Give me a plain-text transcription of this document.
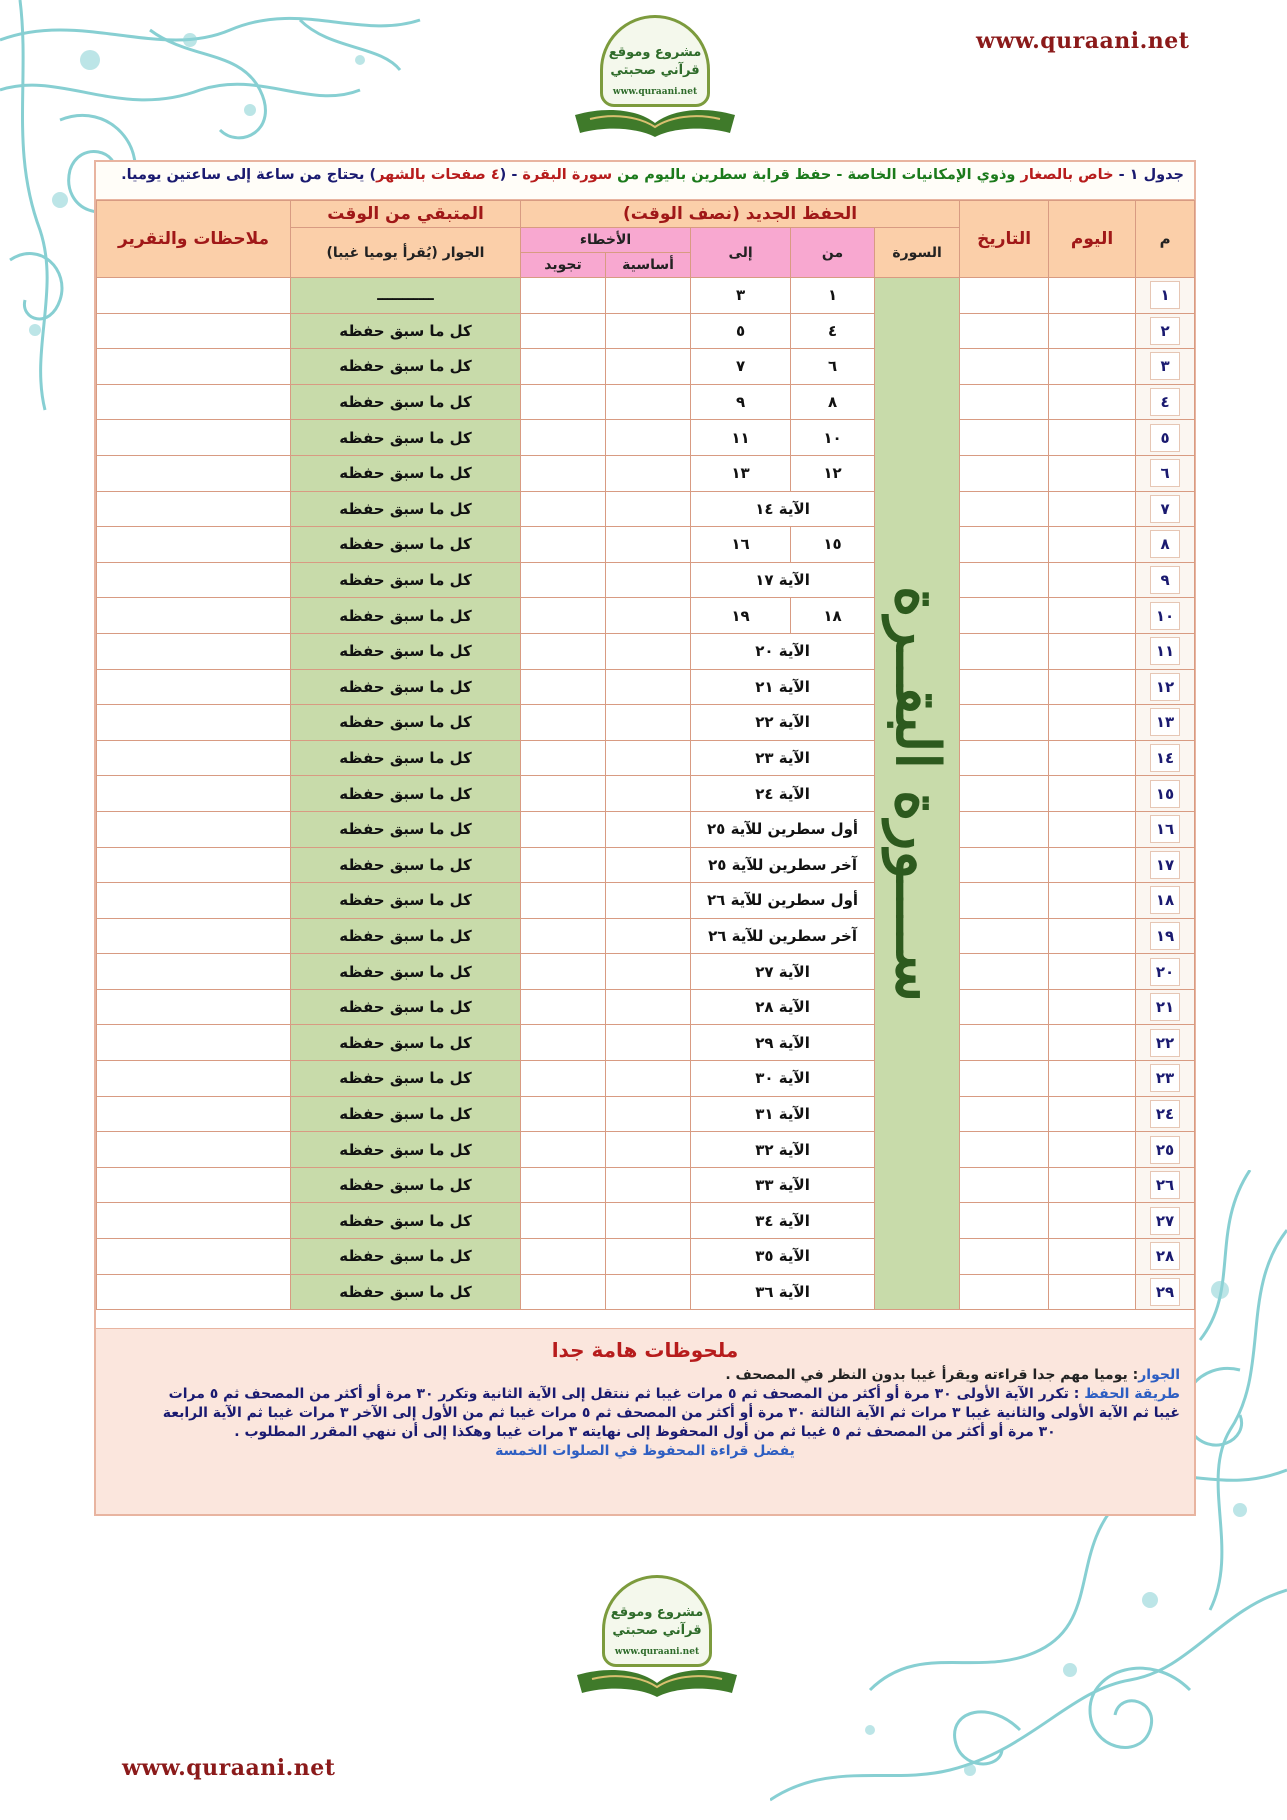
www.quraani.net
www.quraani.net
مشروع وموقع
قرآني صحبتي
www.quraani.net
مشروع وموقع
قرآني صحبتي
www.quraani.net
جدول ١ - خاص بالصغار وذوي الإمكانيات الخاصة - حفظ قرابة سطرين باليوم من سورة البقرة - (٤ صفحات بالشهر) يحتاج من ساعة إلى ساعتين يوميا.
م	اليوم	التاريخ	الحفظ الجديد (نصف الوقت)					المتبقي من الوقت	ملاحظات والتقرير
			السورة	من	إلى	الأخطاء		الجوار (يُقرأ يوميا غيبا)	
						أساسية	تجويد		
١			ســــورة البقــرة	١	٣			ـــــــــــ	
٢				٤	٥			كل ما سبق حفظه	
٣				٦	٧			كل ما سبق حفظه	
٤				٨	٩			كل ما سبق حفظه	
٥				١٠	١١			كل ما سبق حفظه	
٦				١٢	١٣			كل ما سبق حفظه	
٧				الآية ١٤				كل ما سبق حفظه	
٨				١٥	١٦			كل ما سبق حفظه	
٩				الآية ١٧				كل ما سبق حفظه	
١٠				١٨	١٩			كل ما سبق حفظه	
١١				الآية ٢٠				كل ما سبق حفظه	
١٢				الآية ٢١				كل ما سبق حفظه	
١٣				الآية ٢٢				كل ما سبق حفظه	
١٤				الآية ٢٣				كل ما سبق حفظه	
١٥				الآية ٢٤				كل ما سبق حفظه	
١٦				أول سطرين للآية ٢٥				كل ما سبق حفظه	
١٧				آخر سطرين للآية ٢٥				كل ما سبق حفظه	
١٨				أول سطرين للآية ٢٦				كل ما سبق حفظه	
١٩				آخر سطرين للآية ٢٦				كل ما سبق حفظه	
٢٠				الآية ٢٧				كل ما سبق حفظه	
٢١				الآية ٢٨				كل ما سبق حفظه	
٢٢				الآية ٢٩				كل ما سبق حفظه	
٢٣				الآية ٣٠				كل ما سبق حفظه	
٢٤				الآية ٣١				كل ما سبق حفظه	
٢٥				الآية ٣٢				كل ما سبق حفظه	
٢٦				الآية ٣٣				كل ما سبق حفظه	
٢٧				الآية ٣٤				كل ما سبق حفظه	
٢٨				الآية ٣٥				كل ما سبق حفظه	
٢٩				الآية ٣٦				كل ما سبق حفظه	
ملحوظات هامة جدا
الجوار: يوميا مهم جدا قراءته ويقرأ غيبا بدون النظر في المصحف .
طريقة الحفظ : تكرر الآية الأولى ٣٠ مرة أو أكثر من المصحف ثم ٥ مرات غيبا ثم ننتقل إلى الآية الثانية وتكرر ٣٠ مرة أو أكثر من المصحف ثم ٥ مرات
غيبا ثم الآية الأولى والثانية غيبا ٣ مرات ثم الآية الثالثة ٣٠ مرة أو أكثر من المصحف ثم ٥ مرات غيبا ثم من الأول إلى الآخر ٣ مرات غيبا ثم الآية الرابعة
٣٠ مرة أو أكثر من المصحف ثم ٥ غيبا ثم من أول المحفوظ إلى نهايته ٣ مرات غيبا وهكذا إلى أن ننهي المقرر المطلوب .
يفضل قراءة المحفوظ في الصلوات الخمسة
